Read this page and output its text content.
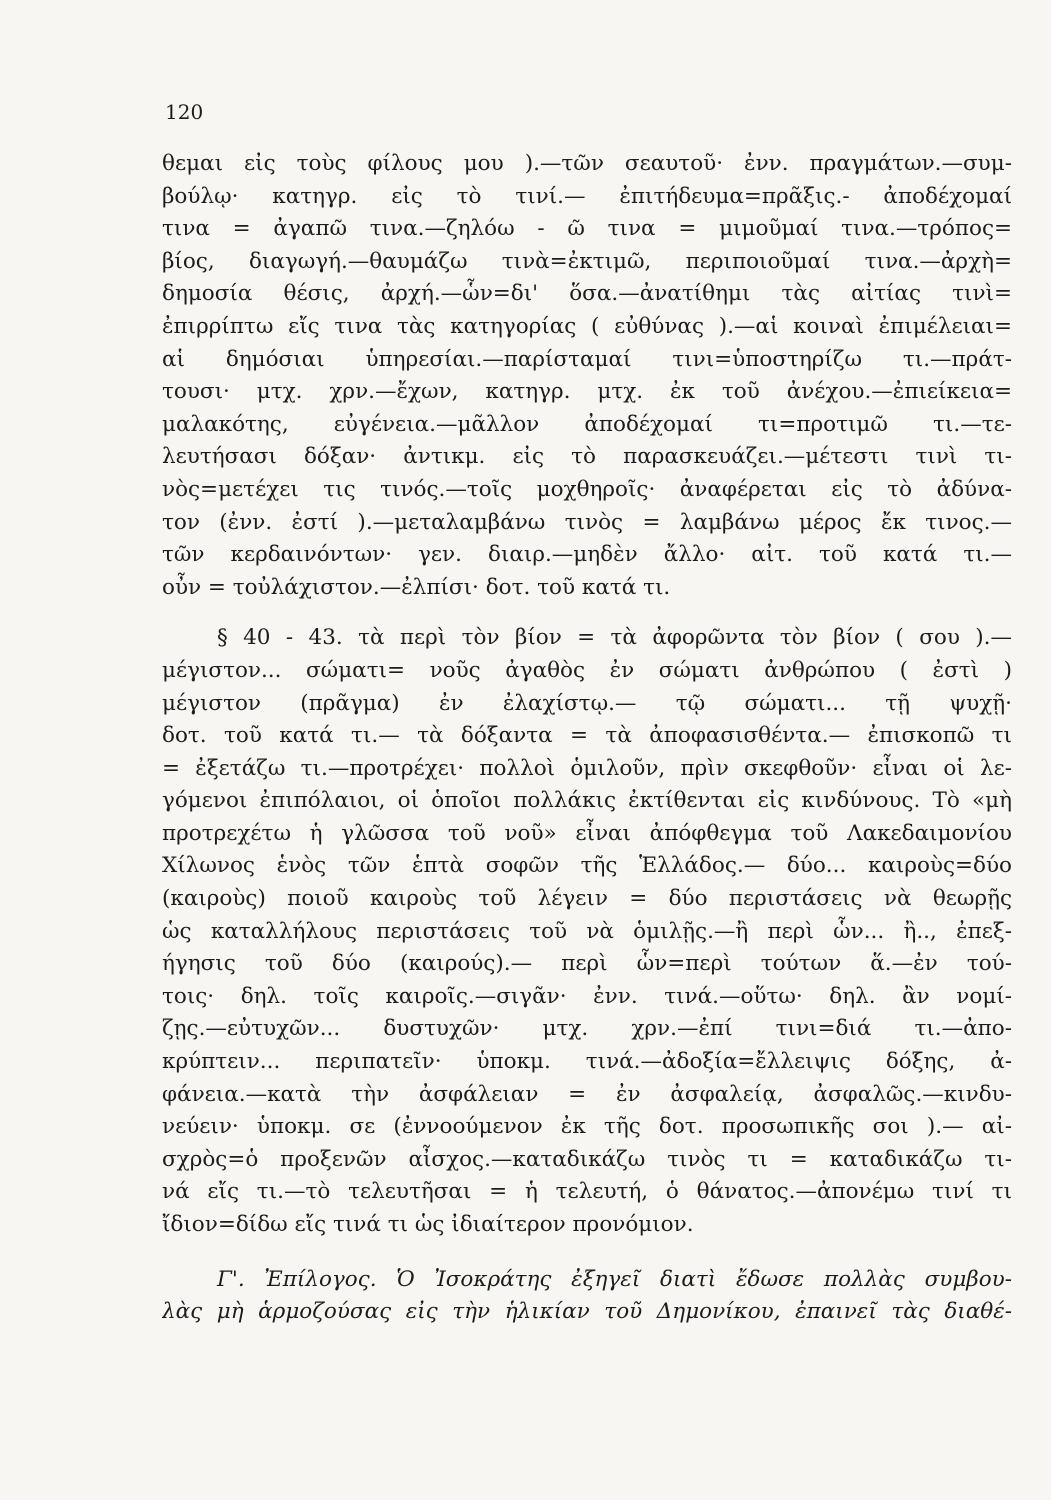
120
θεμαι εἰς τοὺς φίλους μου ).—τῶν σεαυτοῦ· ἐνν. πραγμάτων.—συμ-
βούλῳ· κατηγρ. εἰς τὸ τινί.— ἐπιτήδευμα=πρᾶξις.- ἀποδέχομαί
τινα = ἀγαπῶ τινα.—ζηλόω - ῶ τινα = μιμοῦμαί τινα.—τρόπος=
βίος, διαγωγή.—θαυμάζω τινὰ=ἐκτιμῶ, περιποιοῦμαί τινα.—ἀρχὴ=
δημοσία θέσις, ἀρχή.—ὧν=δι' ὅσα.—ἀνατίθημι τὰς αἰτίας τινὶ=
ἐπιρρίπτω εἴς τινα τὰς κατηγορίας ( εὐθύνας ).—αἱ κοιναὶ ἐπιμέλειαι=
αἱ δημόσιαι ὑπηρεσίαι.—παρίσταμαί τινι=ὑποστηρίζω τι.—πράτ-
τουσι· μτχ. χρν.—ἔχων, κατηγρ. μτχ. ἐκ τοῦ ἀνέχου.—ἐπιείκεια=
μαλακότης, εὐγένεια.—μᾶλλον ἀποδέχομαί τι=προτιμῶ τι.—τε-
λευτήσασι δόξαν· ἀντικμ. εἰς τὸ παρασκευάζει.—μέτεστι τινὶ τι-
νὸς=μετέχει τις τινός.—τοῖς μοχθηροῖς· ἀναφέρεται εἰς τὸ ἀδύνα-
τον (ἐνν. ἐστί ).—μεταλαμβάνω τινὸς = λαμβάνω μέρος ἔκ τινος.—
τῶν κερδαινόντων· γεν. διαιρ.—μηδὲν ἄλλο· αἰτ. τοῦ κατά τι.—
οὖν = τοὐλάχιστον.—ἐλπίσι· δοτ. τοῦ κατά τι.
§ 40 - 43. τὰ περὶ τὸν βίον = τὰ ἀφορῶντα τὸν βίον ( σου ).—
μέγιστον... σώματι= νοῦς ἀγαθὸς ἐν σώματι ἀνθρώπου ( ἐστὶ )
μέγιστον (πρᾶγμα) ἐν ἐλαχίστῳ.— τῷ σώματι... τῇ ψυχῇ·
δοτ. τοῦ κατά τι.— τὰ δόξαντα = τὰ ἀποφασισθέντα.— ἐπισκοπῶ τι
= ἐξετάζω τι.—προτρέχει· πολλοὶ ὁμιλοῦν, πρὶν σκεφθοῦν· εἶναι οἱ λε-
γόμενοι ἐπιπόλαιοι, οἱ ὁποῖοι πολλάκις ἐκτίθενται εἰς κινδύνους. Τὸ «μὴ
προτρεχέτω ἡ γλῶσσα τοῦ νοῦ» εἶναι ἀπόφθεγμα τοῦ Λακεδαιμονίου
Χίλωνος ἑνὸς τῶν ἑπτὰ σοφῶν τῆς Ἑλλάδος.— δύο... καιροὺς=δύο
(καιροὺς) ποιοῦ καιροὺς τοῦ λέγειν = δύο περιστάσεις νὰ θεωρῇς
ὡς καταλλήλους περιστάσεις τοῦ νὰ ὁμιλῇς.—ἢ περὶ ὧν... ἢ.., ἐπεξ-
ήγησις τοῦ δύο (καιρούς).— περὶ ὧν=περὶ τούτων ἅ.—ἐν τού-
τοις· δηλ. τοῖς καιροῖς.—σιγᾶν· ἐνν. τινά.—οὕτω· δηλ. ἂν νομί-
ζῃς.—εὐτυχῶν... δυστυχῶν· μτχ. χρν.—ἐπί τινι=διά τι.—ἀπο-
κρύπτειν... περιπατεῖν· ὑποκμ. τινά.—ἀδοξία=ἔλλειψις δόξης, ἀ-
φάνεια.—κατὰ τὴν ἀσφάλειαν = ἐν ἀσφαλείᾳ, ἀσφαλῶς.—κινδυ-
νεύειν· ὑποκμ. σε (ἐννοούμενον ἐκ τῆς δοτ. προσωπικῆς σοι ).— αἰ-
σχρὸς=ὁ προξενῶν αἶσχος.—καταδικάζω τινὸς τι = καταδικάζω τι-
νά εἴς τι.—τὸ τελευτῆσαι = ἡ τελευτή, ὁ θάνατος.—ἀπονέμω τινί τι
ἴδιον=δίδω εἴς τινά τι ὡς ἰδιαίτερον προνόμιον.
Γ'. Ἐπίλογος. Ὁ Ἰσοκράτης ἐξηγεῖ διατὶ ἔδωσε πολλὰς συμβου-
λὰς μὴ ἁρμοζούσας εἰς τὴν ἡλικίαν τοῦ Δημονίκου, ἐπαινεῖ τὰς διαθέ-
